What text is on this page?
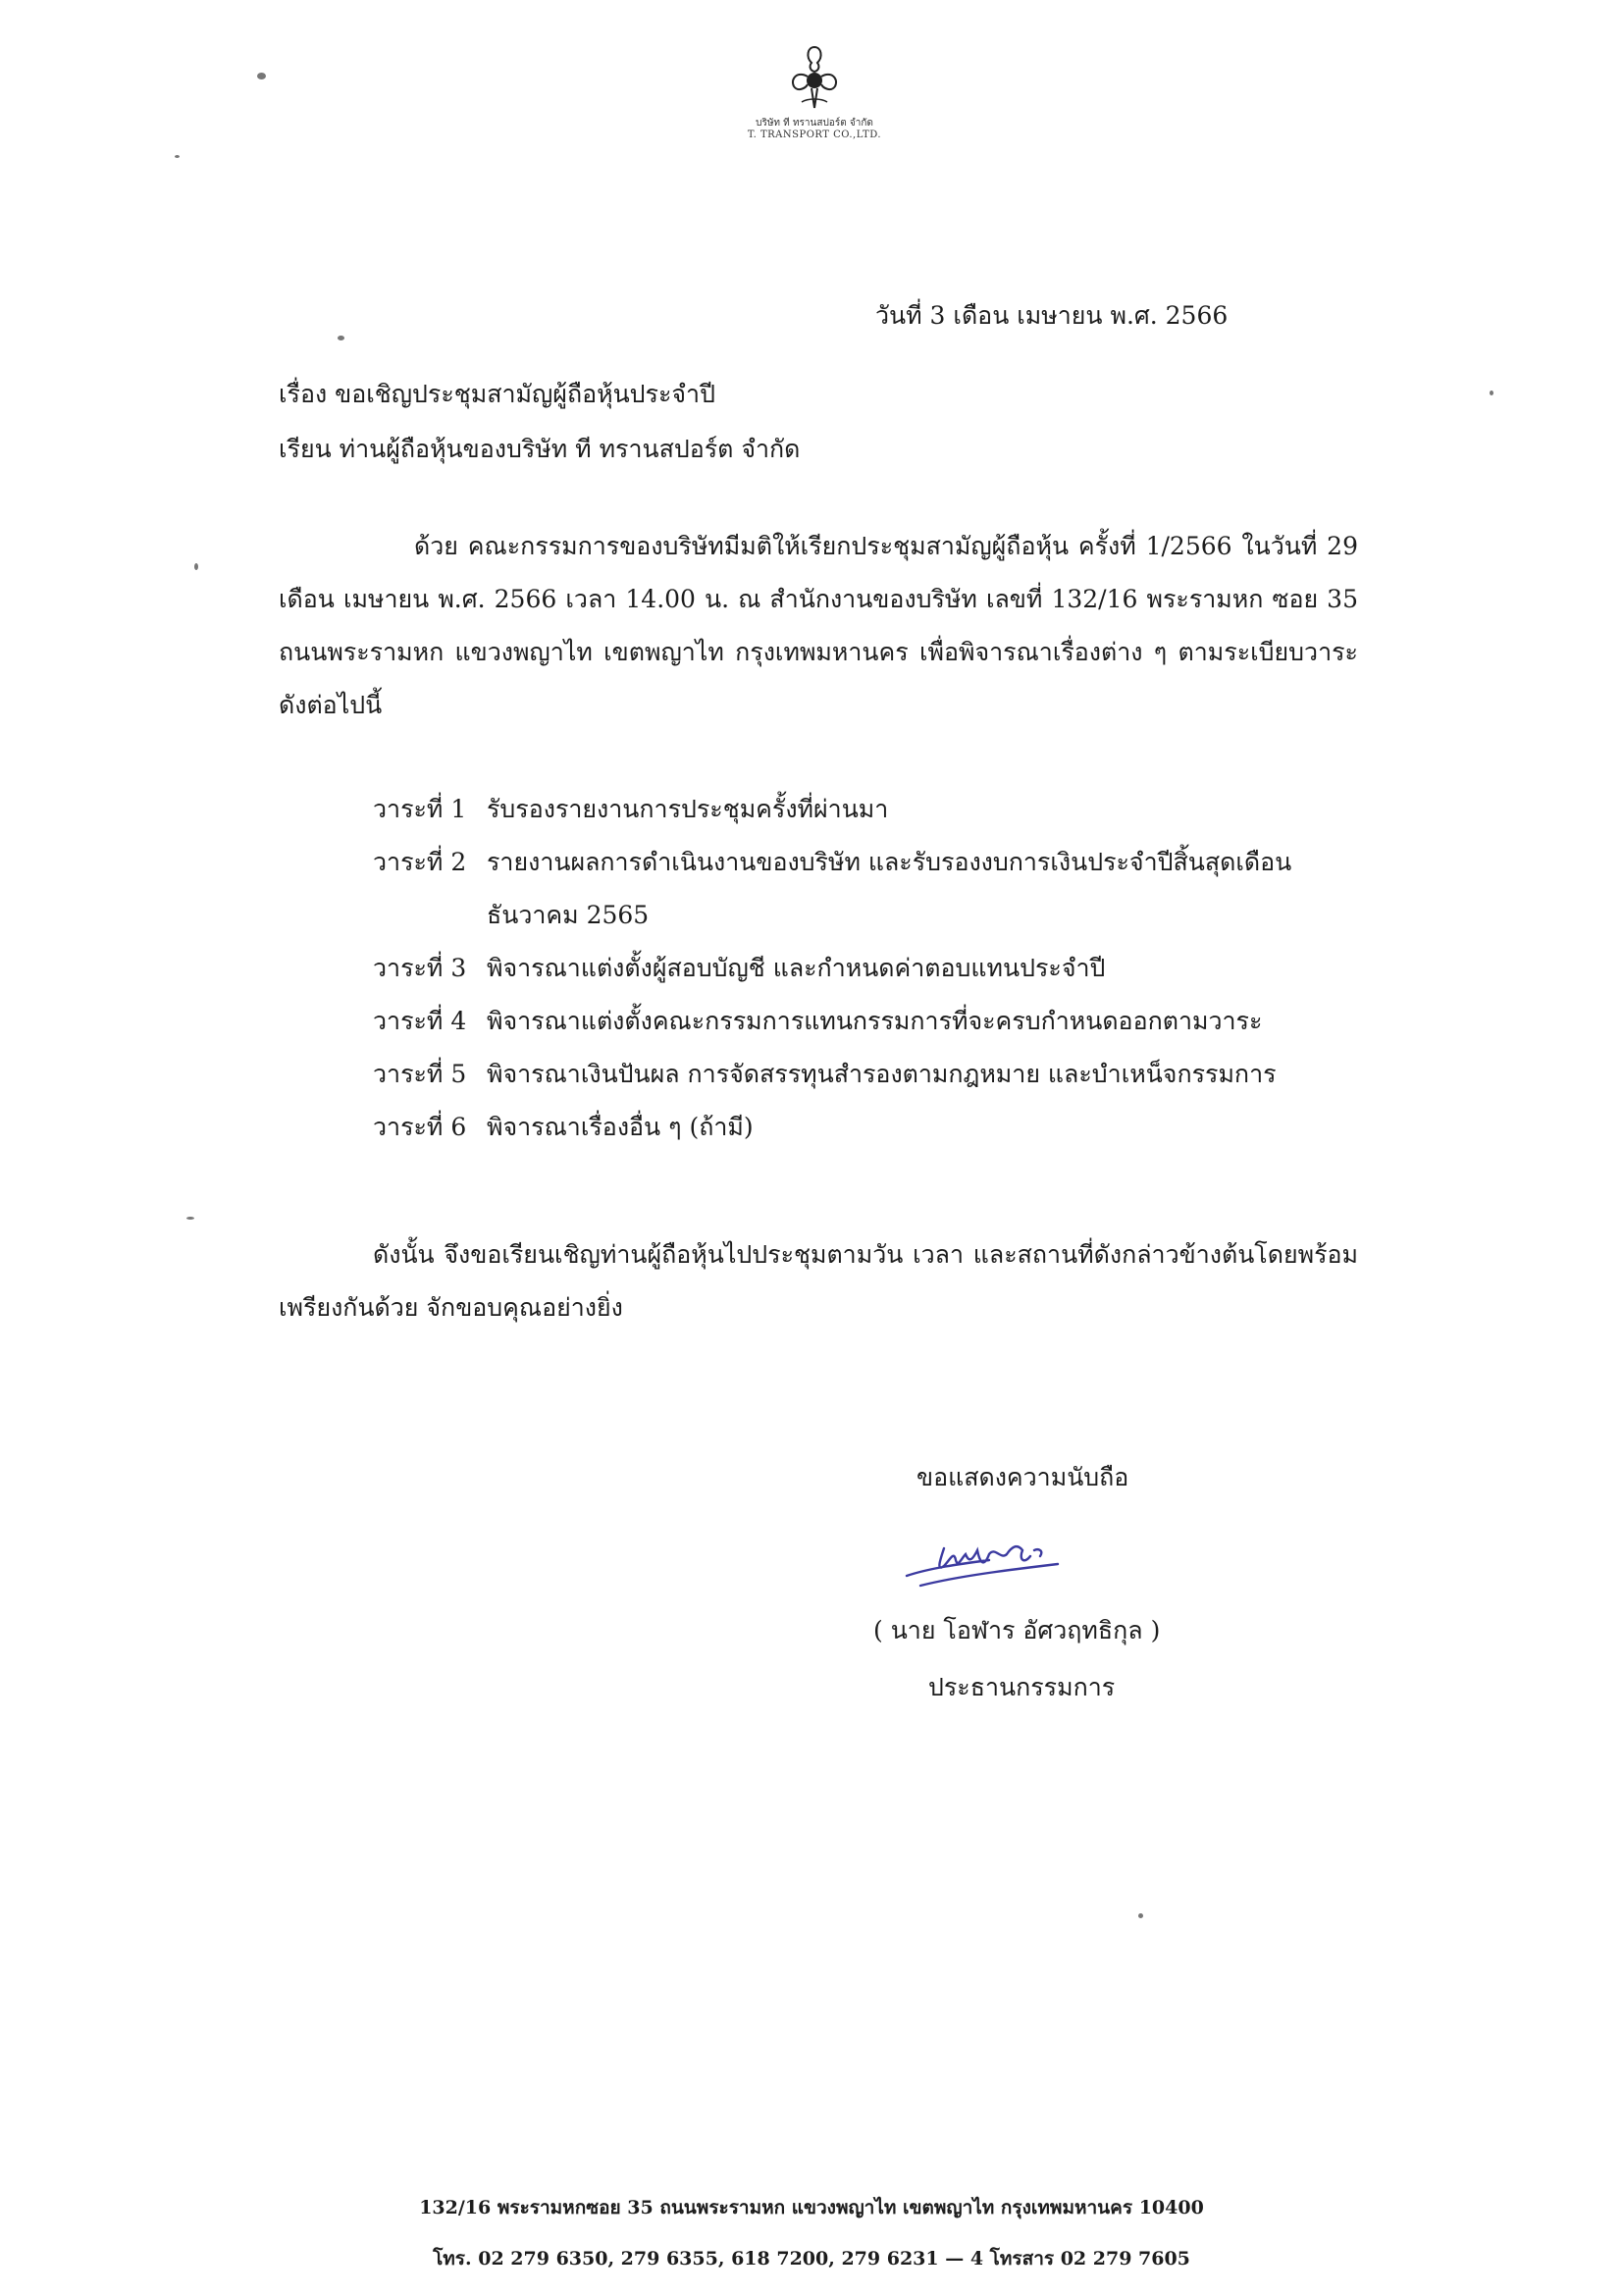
บริษัท ที ทรานสปอร์ต จำกัด
T. TRANSPORT CO.,LTD.
วันที่ 3 เดือน เมษายน พ.ศ. 2566
เรื่อง ขอเชิญประชุมสามัญผู้ถือหุ้นประจำปี
เรียน ท่านผู้ถือหุ้นของบริษัท ที ทรานสปอร์ต จำกัด
ด้วย คณะกรรมการของบริษัทมีมติให้เรียกประชุมสามัญผู้ถือหุ้น ครั้งที่ 1/2566 ในวันที่ 29 เดือน เมษายน พ.ศ. 2566 เวลา 14.00 น. ณ สำนักงานของบริษัท เลขที่ 132/16 พระรามหก ซอย 35 ถนนพระรามหก แขวงพญาไท เขตพญาไท กรุงเทพมหานคร เพื่อพิจารณาเรื่องต่าง ๆ ตามระเบียบวาระดังต่อไปนี้
วาระที่ 1 รับรองรายงานการประชุมครั้งที่ผ่านมา
วาระที่ 2 รายงานผลการดำเนินงานของบริษัท และรับรองงบการเงินประจำปีสิ้นสุดเดือนธันวาคม 2565
วาระที่ 3 พิจารณาแต่งตั้งผู้สอบบัญชี และกำหนดค่าตอบแทนประจำปี
วาระที่ 4 พิจารณาแต่งตั้งคณะกรรมการแทนกรรมการที่จะครบกำหนดออกตามวาระ
วาระที่ 5 พิจารณาเงินปันผล การจัดสรรทุนสำรองตามกฎหมาย และบำเหน็จกรรมการ
วาระที่ 6 พิจารณาเรื่องอื่น ๆ (ถ้ามี)
ดังนั้น จึงขอเรียนเชิญท่านผู้ถือหุ้นไปประชุมตามวัน เวลา และสถานที่ดังกล่าวข้างต้นโดยพร้อมเพรียงกันด้วย จักขอบคุณอย่างยิ่ง
ขอแสดงความนับถือ
( นาย โอฬาร อัศวฤทธิกุล )
ประธานกรรมการ
132/16 พระรามหกซอย 35 ถนนพระรามหก แขวงพญาไท เขตพญาไท กรุงเทพมหานคร 10400
โทร. 02 279 6350, 279 6355, 618 7200, 279 6231 — 4 โทรสาร 02 279 7605
